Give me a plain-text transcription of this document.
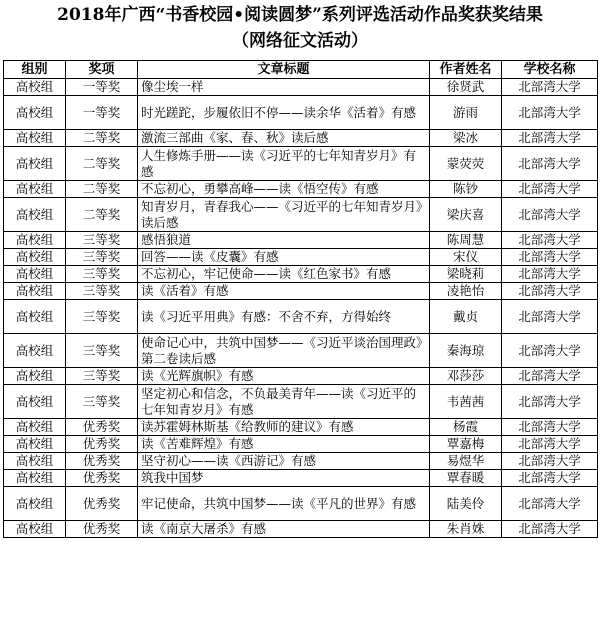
2018年广西“书香校园•阅读圆梦”系列评选活动作品奖获奖结果
（网络征文活动）
组别	奖项	文章标题	作者姓名	学校名称
高校组	一等奖	像尘埃一样	徐贤武	北部湾大学
高校组	一等奖	时光蹉跎，步履依旧不停——读余华《活着》有感	游雨	北部湾大学
高校组	二等奖	激流三部曲《家、春、秋》读后感	梁冰	北部湾大学
高校组	二等奖	人生修炼手册——读《习近平的七年知青岁月》有感	蒙荧荧	北部湾大学
高校组	二等奖	不忘初心，勇攀高峰——读《悟空传》有感	陈钞	北部湾大学
高校组	二等奖	知青岁月，青春我心——《习近平的七年知青岁月》读后感	梁庆喜	北部湾大学
高校组	三等奖	感悟狼道	陈周慧	北部湾大学
高校组	三等奖	回答——读《皮囊》有感	宋仪	北部湾大学
高校组	三等奖	不忘初心，牢记使命——读《红色家书》有感	梁晓莉	北部湾大学
高校组	三等奖	读《活着》有感	凌艳怡	北部湾大学
高校组	三等奖	读《习近平用典》有感：不舍不弃，方得始终	戴贞	北部湾大学
高校组	三等奖	使命记心中，共筑中国梦——《习近平谈治国理政》第二卷读后感	秦海琼	北部湾大学
高校组	三等奖	读《光辉旗帜》有感	邓莎莎	北部湾大学
高校组	三等奖	坚定初心和信念，不负最美青年——读《习近平的七年知青岁月》有感	韦茜茜	北部湾大学
高校组	优秀奖	读苏霍姆林斯基《给教师的建议》有感	杨霞	北部湾大学
高校组	优秀奖	读《苦难辉煌》有感	覃嘉梅	北部湾大学
高校组	优秀奖	坚守初心——读《西游记》有感	易煜华	北部湾大学
高校组	优秀奖	筑我中国梦	覃春暖	北部湾大学
高校组	优秀奖	牢记使命，共筑中国梦——读《平凡的世界》有感	陆美伶	北部湾大学
高校组	优秀奖	读《南京大屠杀》有感	朱肖姝	北部湾大学
